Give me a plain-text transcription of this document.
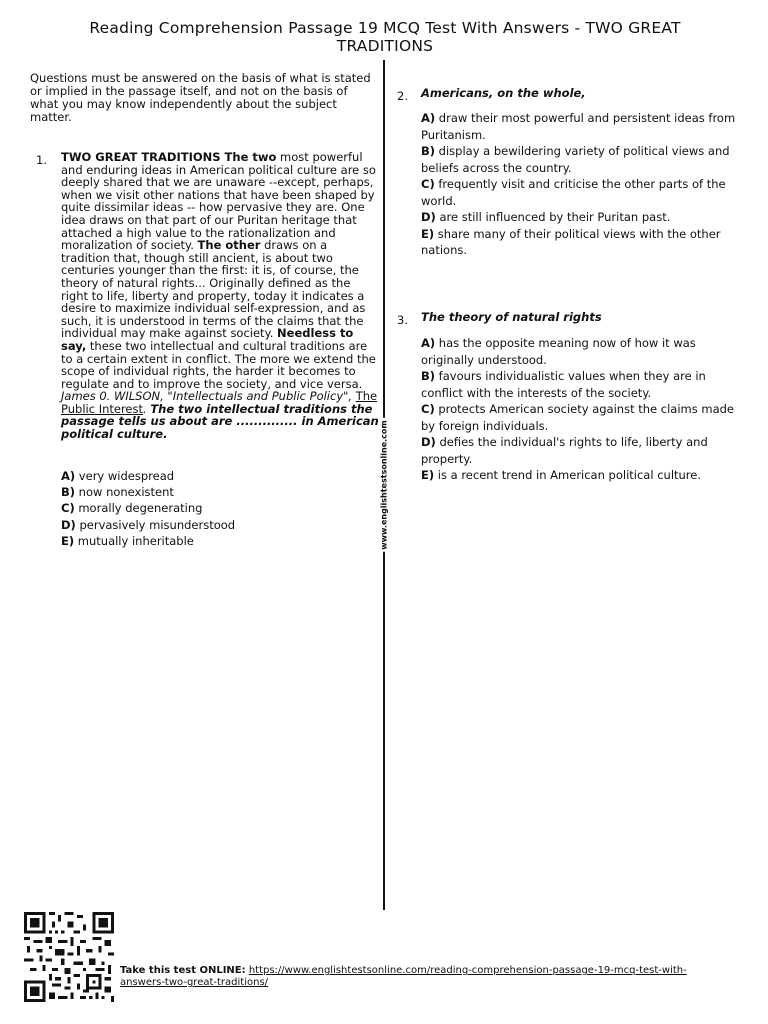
Reading Comprehension Passage 19 MCQ Test With Answers - TWO GREAT TRADITIONS
www.englishtestsonline.com
Questions must be answered on the basis of what is stated or implied in the passage itself, and not on the basis of what you may know independently about the subject matter.
1. TWO GREAT TRADITIONS The two most powerful and enduring ideas in American political culture are so deeply shared that we are unaware --except, perhaps, when we visit other nations that have been shaped by quite dissimilar ideas -- how pervasive they are. One idea draws on that part of our Puritan heritage that attached a high value to the rationalization and moralization of society. The other draws on a tradition that, though still ancient, is about two centuries younger than the first: it is, of course, the theory of natural rights... Originally defined as the right to life, liberty and property, today it indicates a desire to maximize individual self-expression, and as such, it is understood in terms of the claims that the individual may make against society. Needless to say, these two intellectual and cultural traditions are to a certain extent in conflict. The more we extend the scope of individual rights, the harder it becomes to regulate and to improve the society, and vice versa. James 0. WILSON, "Intellectuals and Public Policy", The Public Interest. The two intellectual traditions the passage tells us about are .............. in American political culture.
A) very widespread
B) now nonexistent
C) morally degenerating
D) pervasively misunderstood
E) mutually inheritable
2. Americans, on the whole,
A) draw their most powerful and persistent ideas from Puritanism.
B) display a bewildering variety of political views and beliefs across the country.
C) frequently visit and criticise the other parts of the world.
D) are still influenced by their Puritan past.
E) share many of their political views with the other nations.
3. The theory of natural rights
A) has the opposite meaning now of how it was originally understood.
B) favours individualistic values when they are in conflict with the interests of the society.
C) protects American society against the claims made by foreign individuals.
D) defies the individual's rights to life, liberty and property.
E) is a recent trend in American political culture.
Take this test ONLINE: https://www.englishtestsonline.com/reading-comprehension-passage-19-mcq-test-with-answers-two-great-traditions/
